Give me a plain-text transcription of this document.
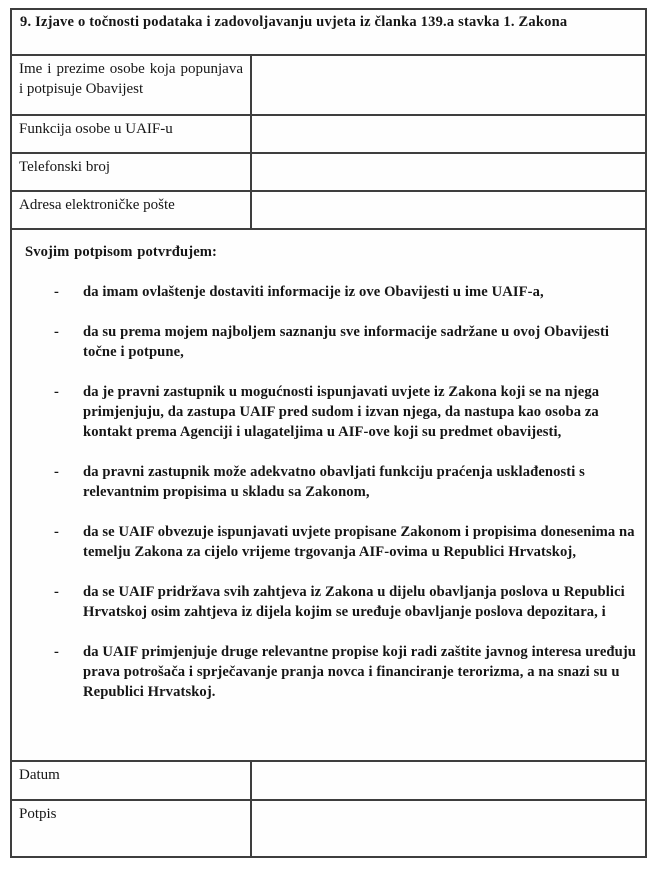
9. Izjave o točnosti podataka i zadovoljavanju uvjeta iz članka 139.a stavka 1. Zakona
Ime i prezime osobe koja popunjava i potpisuje Obavijest
Funkcija osobe u UAIF-u
Telefonski broj
Adresa elektroničke pošte
Svojim potpisom potvrđujem:
-	da imam ovlaštenje dostaviti informacije iz ove Obavijesti u ime UAIF-a,
-	da su prema mojem najboljem saznanju sve informacije sadržane u ovoj Obavijesti točne i potpune,
-	da je pravni zastupnik u mogućnosti ispunjavati uvjete iz Zakona koji se na njega primjenjuju, da zastupa UAIF pred sudom i izvan njega, da nastupa kao osoba za kontakt prema Agenciji i ulagateljima u AIF-ove koji su predmet obavijesti,
-	da pravni zastupnik može adekvatno obavljati funkciju praćenja usklađenosti s relevantnim propisima u skladu sa Zakonom,
-	da se UAIF obvezuje ispunjavati uvjete propisane Zakonom i propisima donesenima na temelju Zakona za cijelo vrijeme trgovanja AIF-ovima u Republici Hrvatskoj,
-	da se UAIF pridržava svih zahtjeva iz Zakona u dijelu obavljanja poslova u Republici Hrvatskoj osim zahtjeva iz dijela kojim se uređuje obavljanje poslova depozitara, i
-	da UAIF primjenjuje druge relevantne propise koji radi zaštite javnog interesa uređuju prava potrošača i sprječavanje pranja novca i financiranje terorizma, a na snazi su u Republici Hrvatskoj.
Datum
Potpis
